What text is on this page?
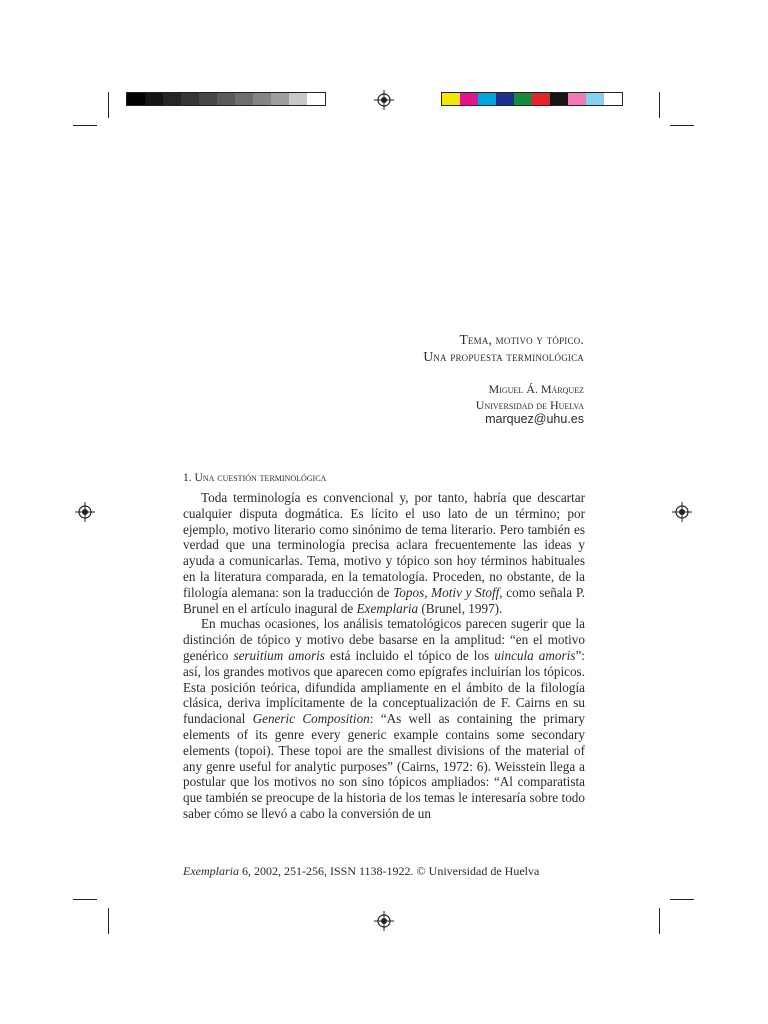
Tema, motivo y tópico.
Una propuesta terminológica
Miguel Á. Márquez
Universidad de Huelva
marquez@uhu.es
1. Una cuestión terminológica

Toda terminología es convencional y, por tanto, habría que descartar cualquier disputa dogmática. Es lícito el uso lato de un término; por ejemplo, motivo literario como sinónimo de tema literario. Pero también es verdad que una terminología precisa aclara frecuentemente las ideas y ayuda a comunicarlas. Tema, motivo y tópico son hoy términos habituales en la literatura comparada, en la tematología. Proceden, no obstante, de la filología alemana: son la traducción de Topos, Motiv y Stoff, como señala P. Brunel en el artículo inagural de Exemplaria (Brunel, 1997).

En muchas ocasiones, los análisis tematológicos parecen sugerir que la distinción de tópico y motivo debe basarse en la amplitud: “en el motivo genérico seruitium amoris está incluido el tópico de los uincula amoris”: así, los grandes motivos que aparecen como epígrafes incluirían los tópicos. Esta posición teórica, difundida ampliamente en el ámbito de la filología clásica, deriva implícitamente de la conceptualización de F. Cairns en su fundacional Generic Composition: “As well as containing the primary elements of its genre every generic example contains some secondary elements (topoi). These topoi are the smallest divisions of the material of any genre useful for analytic purposes” (Cairns, 1972: 6). Weisstein llega a postular que los motivos no son sino tópicos ampliados: “Al comparatista que también se preocupe de la historia de los temas le interesaría sobre todo saber cómo se llevó a cabo la conversión de un

Exemplaria 6, 2002, 251-256, ISSN 1138-1922. © Universidad de Huelva
